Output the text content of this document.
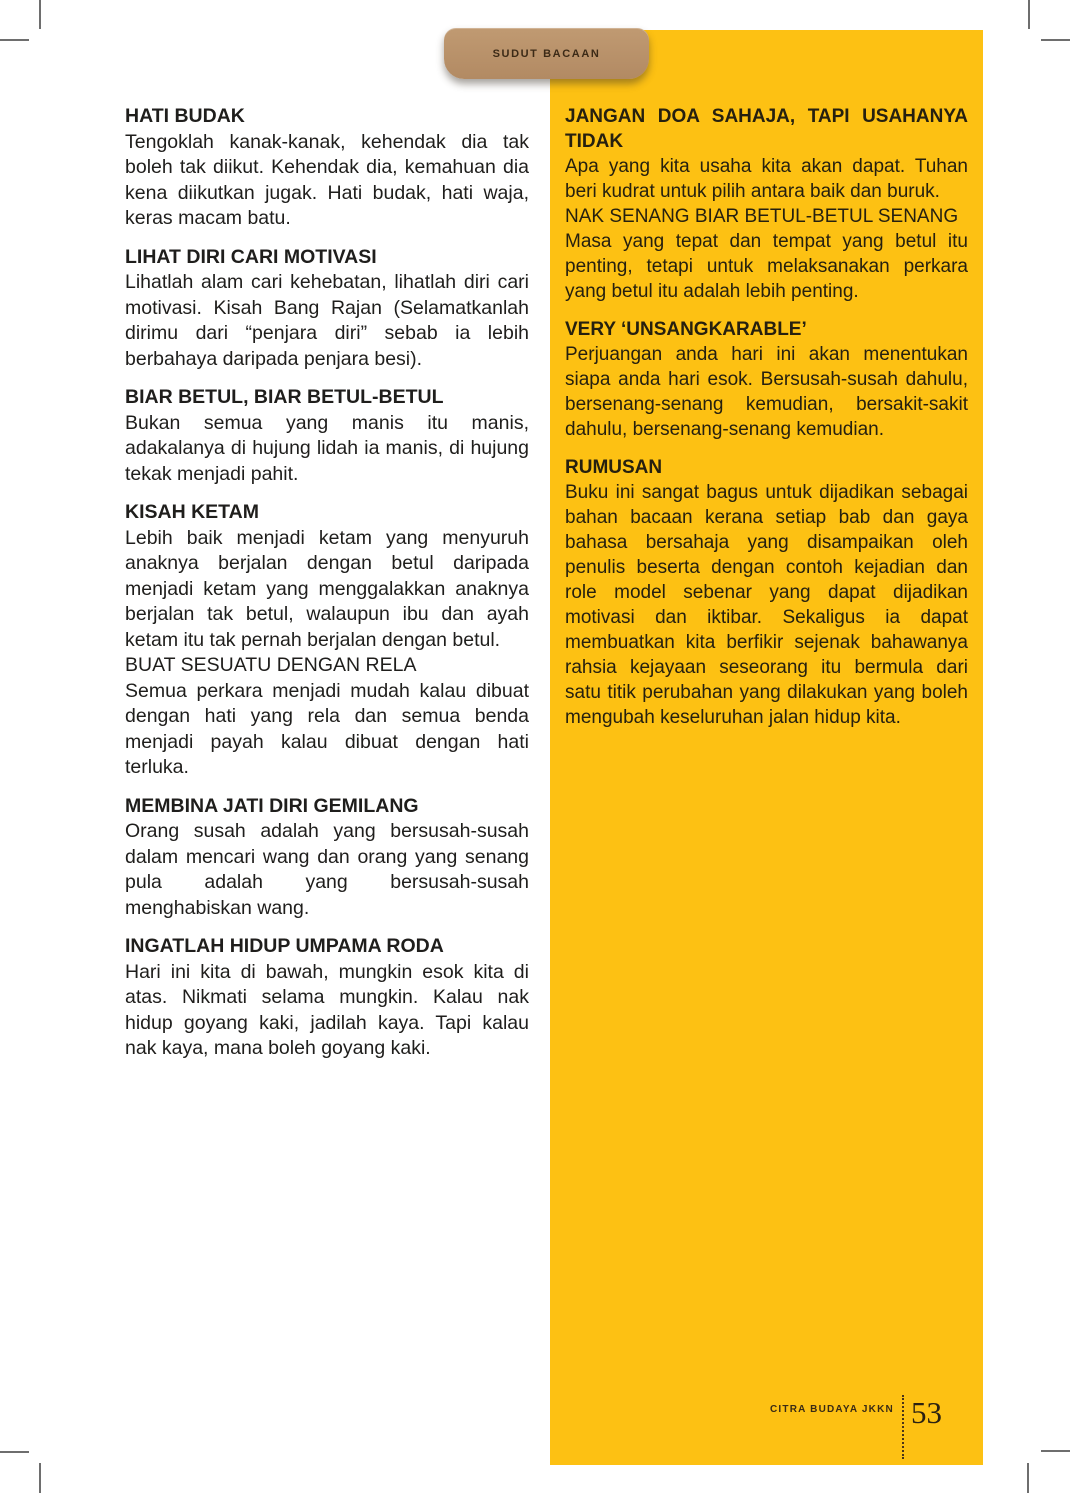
SUDUT BACAAN
HATI BUDAK

Tengoklah kanak-kanak, kehendak dia tak boleh tak diikut. Kehendak dia, kemahuan dia kena diikutkan jugak. Hati budak, hati waja, keras macam batu.

LIHAT DIRI CARI MOTIVASI

Lihatlah alam cari kehebatan, lihatlah diri cari motivasi. Kisah Bang Rajan (Selamatkanlah dirimu dari “penjara diri” sebab ia lebih berbahaya daripada penjara besi).

BIAR BETUL, BIAR BETUL-BETUL

Bukan semua yang manis itu manis, adakalanya di hujung lidah ia manis, di hujung tekak menjadi pahit.

KISAH KETAM

Lebih baik menjadi ketam yang menyuruh anaknya berjalan dengan betul daripada menjadi ketam yang menggalakkan anaknya berjalan tak betul, walaupun ibu dan ayah ketam itu tak pernah berjalan dengan betul.

BUAT SESUATU DENGAN RELA

Semua perkara menjadi mudah kalau dibuat dengan hati yang rela dan semua benda menjadi payah kalau dibuat dengan hati terluka.

MEMBINA JATI DIRI GEMILANG

Orang susah adalah yang bersusah-susah dalam mencari wang dan orang yang senang pula adalah yang bersusah-susah menghabiskan wang.

INGATLAH HIDUP UMPAMA RODA

Hari ini kita di bawah, mungkin esok kita di atas. Nikmati selama mungkin. Kalau nak hidup goyang kaki, jadilah kaya. Tapi kalau nak kaya, mana boleh goyang kaki.

JANGAN DOA SAHAJA, TAPI USAHANYA TIDAK

Apa yang kita usaha kita akan dapat. Tuhan beri kudrat untuk pilih antara baik dan buruk.

NAK SENANG BIAR BETUL-BETUL SENANG

Masa yang tepat dan tempat yang betul itu penting, tetapi untuk melaksanakan perkara yang betul itu adalah lebih penting.

VERY ‘UNSANGKARABLE’

Perjuangan anda hari ini akan menentukan siapa anda hari esok. Bersusah-susah dahulu, bersenang-senang kemudian, bersakit-sakit dahulu, bersenang-senang kemudian.

RUMUSAN

Buku ini sangat bagus untuk dijadikan sebagai bahan bacaan kerana setiap bab dan gaya bahasa bersahaja yang disampaikan oleh penulis beserta dengan contoh kejadian dan role model sebenar yang dapat dijadikan motivasi dan iktibar. Sekaligus ia dapat membuatkan kita berfikir sejenak bahawanya rahsia kejayaan seseorang itu bermula dari satu titik perubahan yang dilakukan yang boleh mengubah keseluruhan jalan hidup kita.

CITRA BUDAYA JKKN 53
